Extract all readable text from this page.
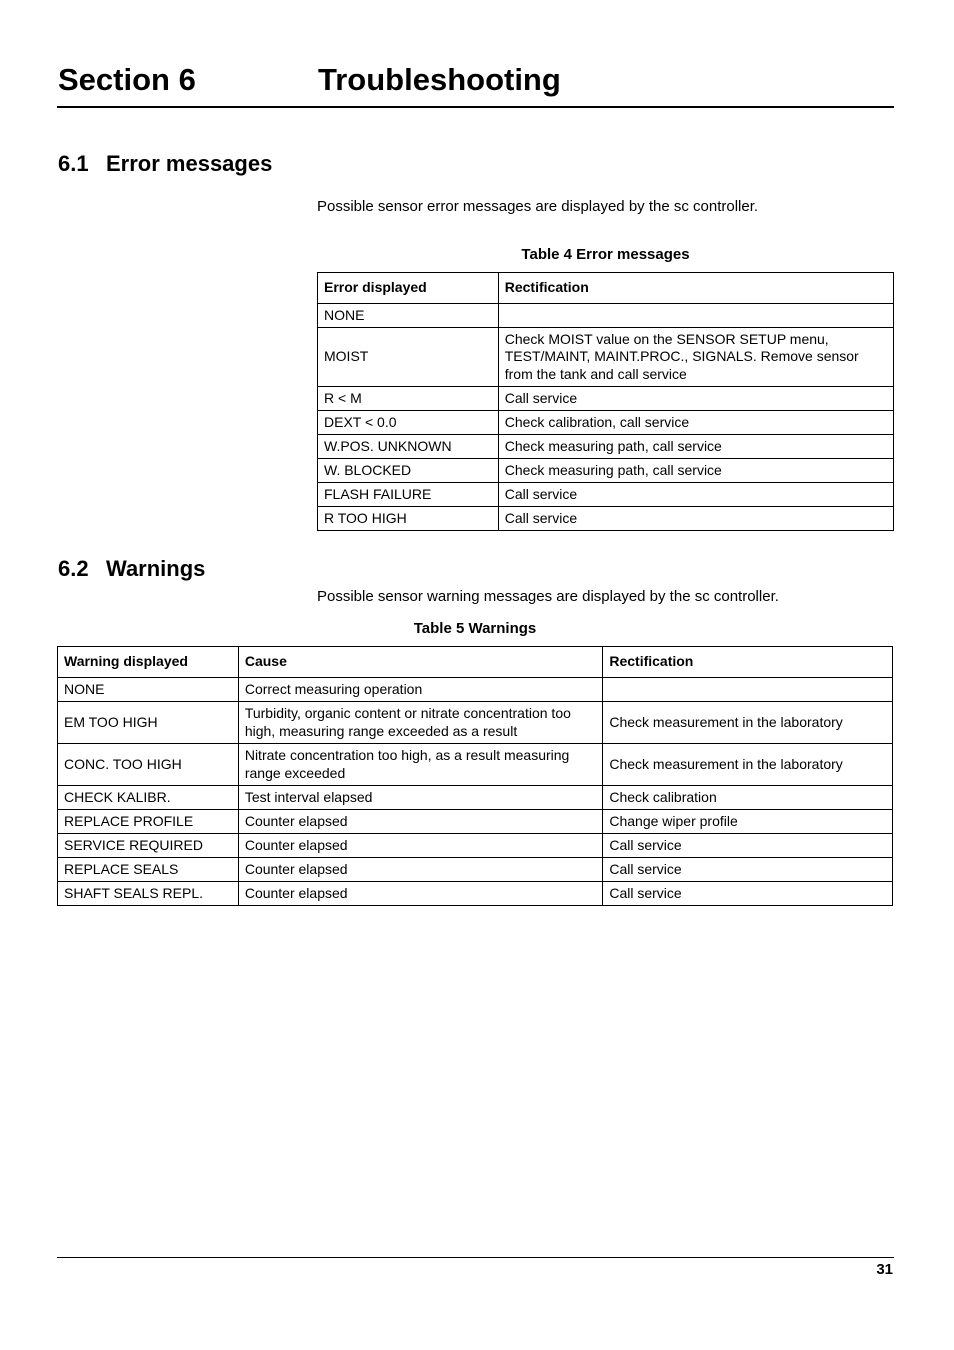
Section 6	Troubleshooting
6.1 Error messages
Possible sensor error messages are displayed by the sc controller.
Table 4 Error messages
Error displayed	Rectification
NONE	
MOIST	Check MOIST value on the SENSOR SETUP menu, TEST/MAINT, MAINT.PROC., SIGNALS. Remove sensor from the tank and call service
R < M	Call service
DEXT < 0.0	Check calibration, call service
W.POS. UNKNOWN	Check measuring path, call service
W. BLOCKED	Check measuring path, call service
FLASH FAILURE	Call service
R TOO HIGH	Call service
6.2 Warnings
Possible sensor warning messages are displayed by the sc controller.
Table 5 Warnings
Warning displayed	Cause	Rectification
NONE	Correct measuring operation	
EM TOO HIGH	Turbidity, organic content or nitrate concentration too high, measuring range exceeded as a result	Check measurement in the laboratory
CONC. TOO HIGH	Nitrate concentration too high, as a result measuring range exceeded	Check measurement in the laboratory
CHECK KALIBR.	Test interval elapsed	Check calibration
REPLACE PROFILE	Counter elapsed	Change wiper profile
SERVICE REQUIRED	Counter elapsed	Call service
REPLACE SEALS	Counter elapsed	Call service
SHAFT SEALS REPL.	Counter elapsed	Call service
31
